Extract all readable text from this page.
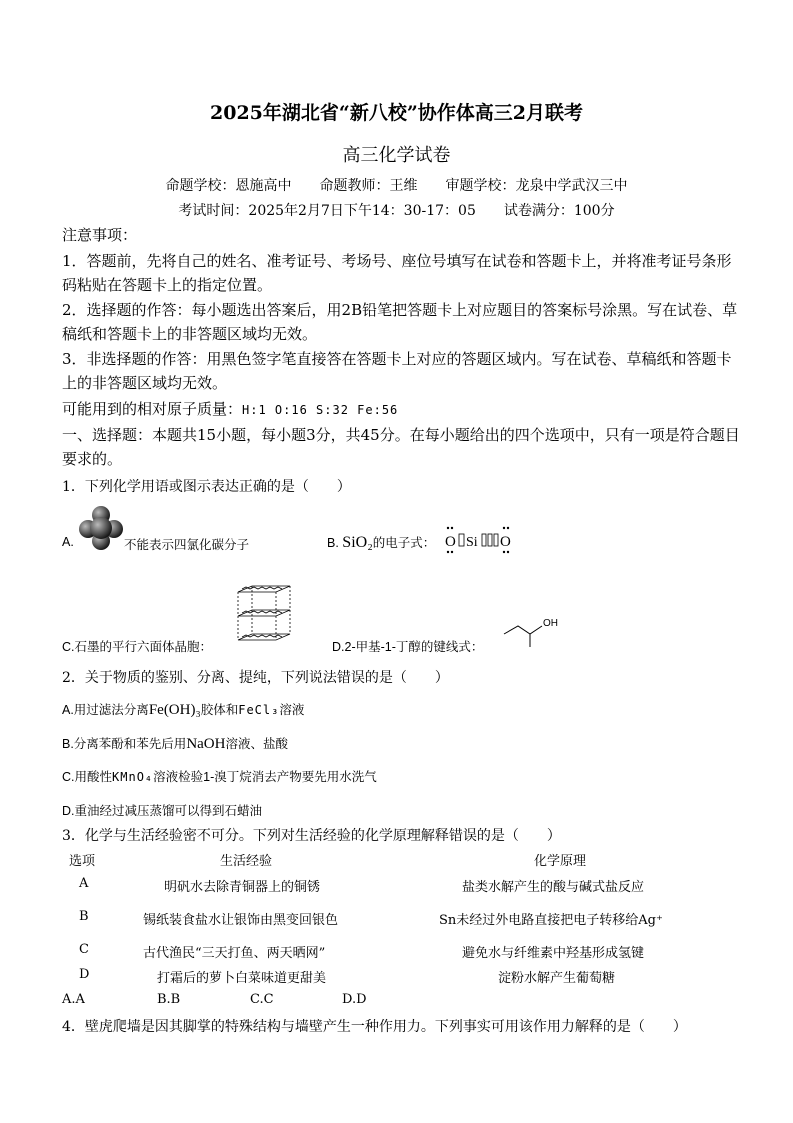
2025年湖北省“新八校”协作体高三2月联考
高三化学试卷
命题学校：恩施高中　　命题教师：王维　　审题学校：龙泉中学武汉三中
考试时间：2025年2月7日下午14：30-17：05　　试卷满分：100分
注意事项：
1．答题前，先将自己的姓名、准考证号、考场号、座位号填写在试卷和答题卡上，并将准考证号条形码粘贴在答题卡上的指定位置。
2．选择题的作答：每小题选出答案后，用2B铅笔把答题卡上对应题目的答案标号涂黑。写在试卷、草稿纸和答题卡上的非答题区域均无效。
3．非选择题的作答：用黑色签字笔直接答在答题卡上对应的答题区域内。写在试卷、草稿纸和答题卡上的非答题区域均无效。
可能用到的相对原子质量：H:1 O:16 S:32 Fe:56
一、选择题：本题共15小题，每小题3分，共45分。在每小题给出的四个选项中，只有一项是符合题目要求的。
1．下列化学用语或图示表达正确的是（　　）
A.	不能表示四氯化碳分子	B. SiO₂的电子式： O Si O
C.石墨的平行六面体晶胞：	D.2-甲基-1-丁醇的键线式：
OH
2．关于物质的鉴别、分离、提纯，下列说法错误的是（　　）
A.用过滤法分离Fe(OH)₃胶体和FeCl₃溶液
B.分离苯酚和苯先后用NaOH溶液、盐酸
C.用酸性KMnO₄溶液检验1-溴丁烷消去产物要先用水洗气
D.重油经过减压蒸馏可以得到石蜡油
3．化学与生活经验密不可分。下列对生活经验的化学原理解释错误的是（　　）
选项	生活经验	化学原理
A	明矾水去除青铜器上的铜锈	盐类水解产生的酸与碱式盐反应
B	锡纸装食盐水让银饰由黑变回银色	Sn未经过外电路直接把电子转移给Ag⁺
C	古代渔民“三天打鱼、两天晒网”	避免水与纤维素中羟基形成氢键
D	打霜后的萝卜白菜味道更甜美	淀粉水解产生葡萄糖
A.A	B.B	C.C	D.D
4．壁虎爬墙是因其脚掌的特殊结构与墙壁产生一种作用力。下列事实可用该作用力解释的是（　　）
